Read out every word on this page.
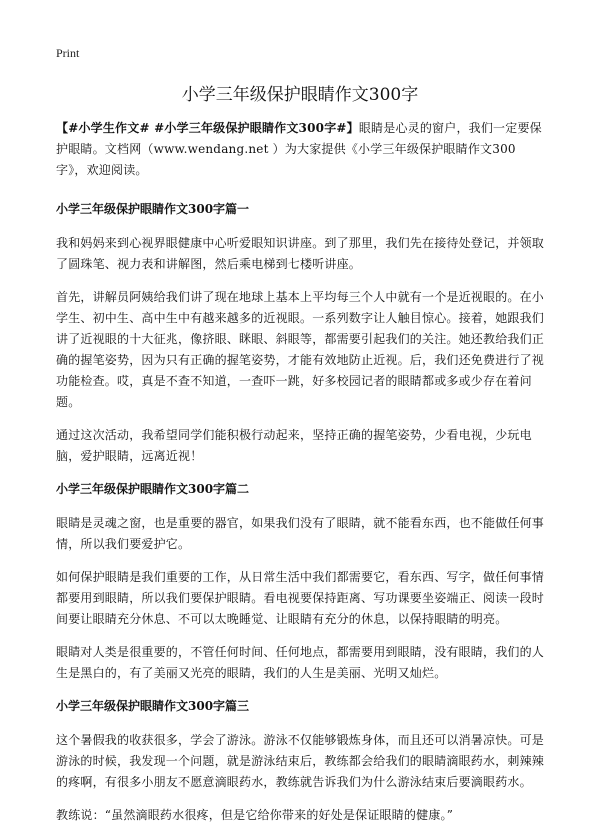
Print
小学三年级保护眼睛作文300字

【#小学生作文# #小学三年级保护眼睛作文300字#】眼睛是心灵的窗户，我们一定要保护眼睛。文档网（www.wendang.net ）为大家提供《小学三年级保护眼睛作文300字》，欢迎阅读。

小学三年级保护眼睛作文300字篇一

我和妈妈来到心视界眼健康中心听爱眼知识讲座。到了那里，我们先在接待处登记，并领取了圆珠笔、视力表和讲解图，然后乘电梯到七楼听讲座。

首先，讲解员阿姨给我们讲了现在地球上基本上平均每三个人中就有一个是近视眼的。在小学生、初中生、高中生中有越来越多的近视眼。一系列数字让人触目惊心。接着，她跟我们讲了近视眼的十大征兆，像挤眼、眯眼、斜眼等，都需要引起我们的关注。她还教给我们正确的握笔姿势，因为只有正确的握笔姿势，才能有效地防止近视。后，我们还免费进行了视功能检查。哎，真是不查不知道，一查吓一跳，好多校园记者的眼睛都或多或少存在着问题。

通过这次活动，我希望同学们能积极行动起来，坚持正确的握笔姿势，少看电视，少玩电脑，爱护眼睛，远离近视！

小学三年级保护眼睛作文300字篇二

眼睛是灵魂之窗，也是重要的器官，如果我们没有了眼睛，就不能看东西，也不能做任何事情，所以我们要爱护它。

如何保护眼睛是我们重要的工作，从日常生活中我们都需要它，看东西、写字，做任何事情都要用到眼睛，所以我们要保护眼睛。看电视要保持距离、写功课要坐姿端正、阅读一段时间要让眼睛充分休息、不可以太晚睡觉、让眼睛有充分的休息，以保持眼睛的明亮。

眼睛对人类是很重要的，不管任何时间、任何地点，都需要用到眼睛，没有眼睛，我们的人生是黑白的，有了美丽又光亮的眼睛，我们的人生是美丽、光明又灿烂。

小学三年级保护眼睛作文300字篇三

这个暑假我的收获很多，学会了游泳。游泳不仅能够锻炼身体，而且还可以消暑凉快。可是游泳的时候，我发现一个问题，就是游泳结束后，教练都会给我们的眼睛滴眼药水，刺辣辣的疼啊，有很多小朋友不愿意滴眼药水，教练就告诉我们为什么游泳结束后要滴眼药水。

教练说：“虽然滴眼药水很疼，但是它给你带来的好处是保证眼睛的健康。”
